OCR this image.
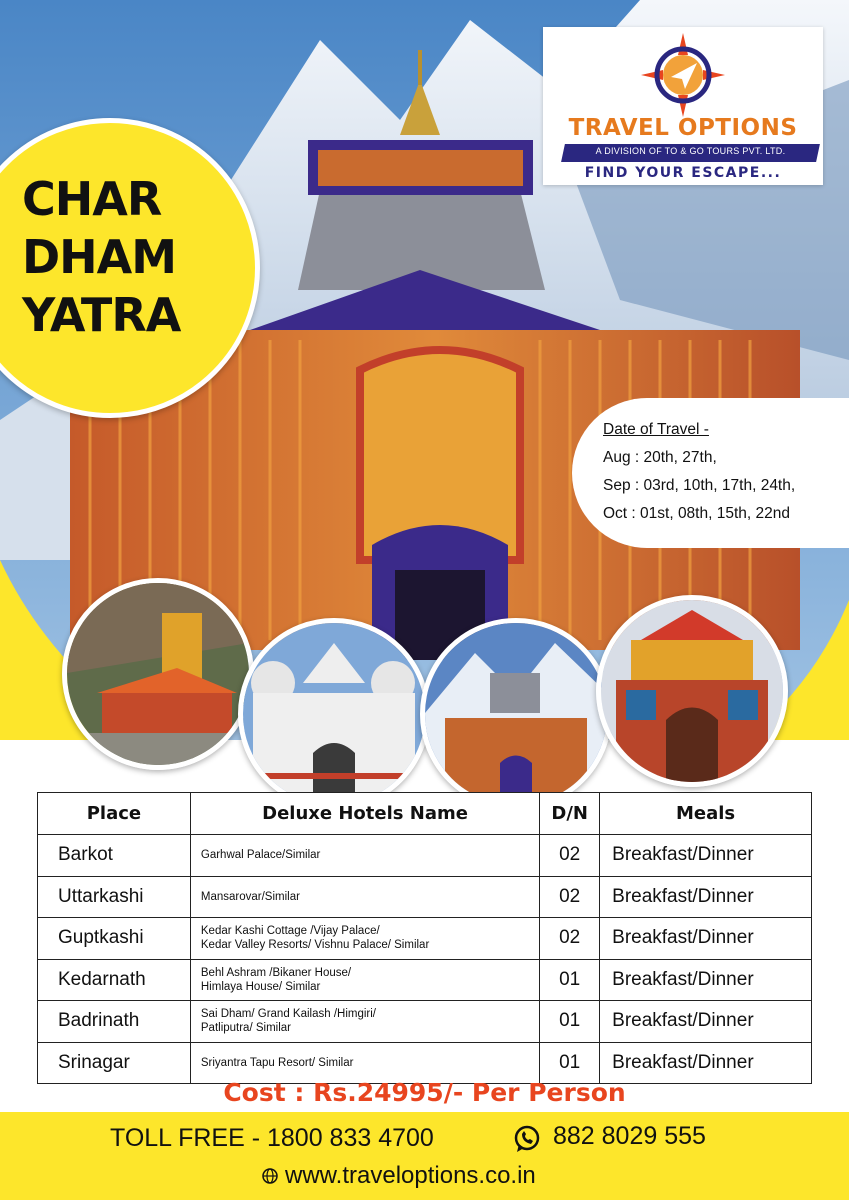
CHAR
DHAM
YATRA
TRAVEL OPTIONS
A DIVISION OF TO & GO TOURS PVT. LTD.
FIND YOUR ESCAPE...
Date of Travel -
Aug : 20th, 27th,
Sep : 03rd, 10th, 17th, 24th,
Oct : 01st, 08th, 15th, 22nd
Place	Deluxe Hotels Name	D/N	Meals
Barkot	Garhwal Palace/Similar	02	Breakfast/Dinner
Uttarkashi	Mansarovar/Similar	02	Breakfast/Dinner
Guptkashi	Kedar Kashi Cottage /Vijay Palace/
Kedar Valley Resorts/ Vishnu Palace/ Similar	02	Breakfast/Dinner
Kedarnath	Behl Ashram /Bikaner House/
Himlaya House/ Similar	01	Breakfast/Dinner
Badrinath	Sai Dham/ Grand Kailash /Himgiri/
Patliputra/ Similar	01	Breakfast/Dinner
Srinagar	Sriyantra Tapu Resort/ Similar	01	Breakfast/Dinner
Cost : Rs.24995/- Per Person
TOLL FREE - 1800 833 4700	882 8029 555
www.traveloptions.co.in
